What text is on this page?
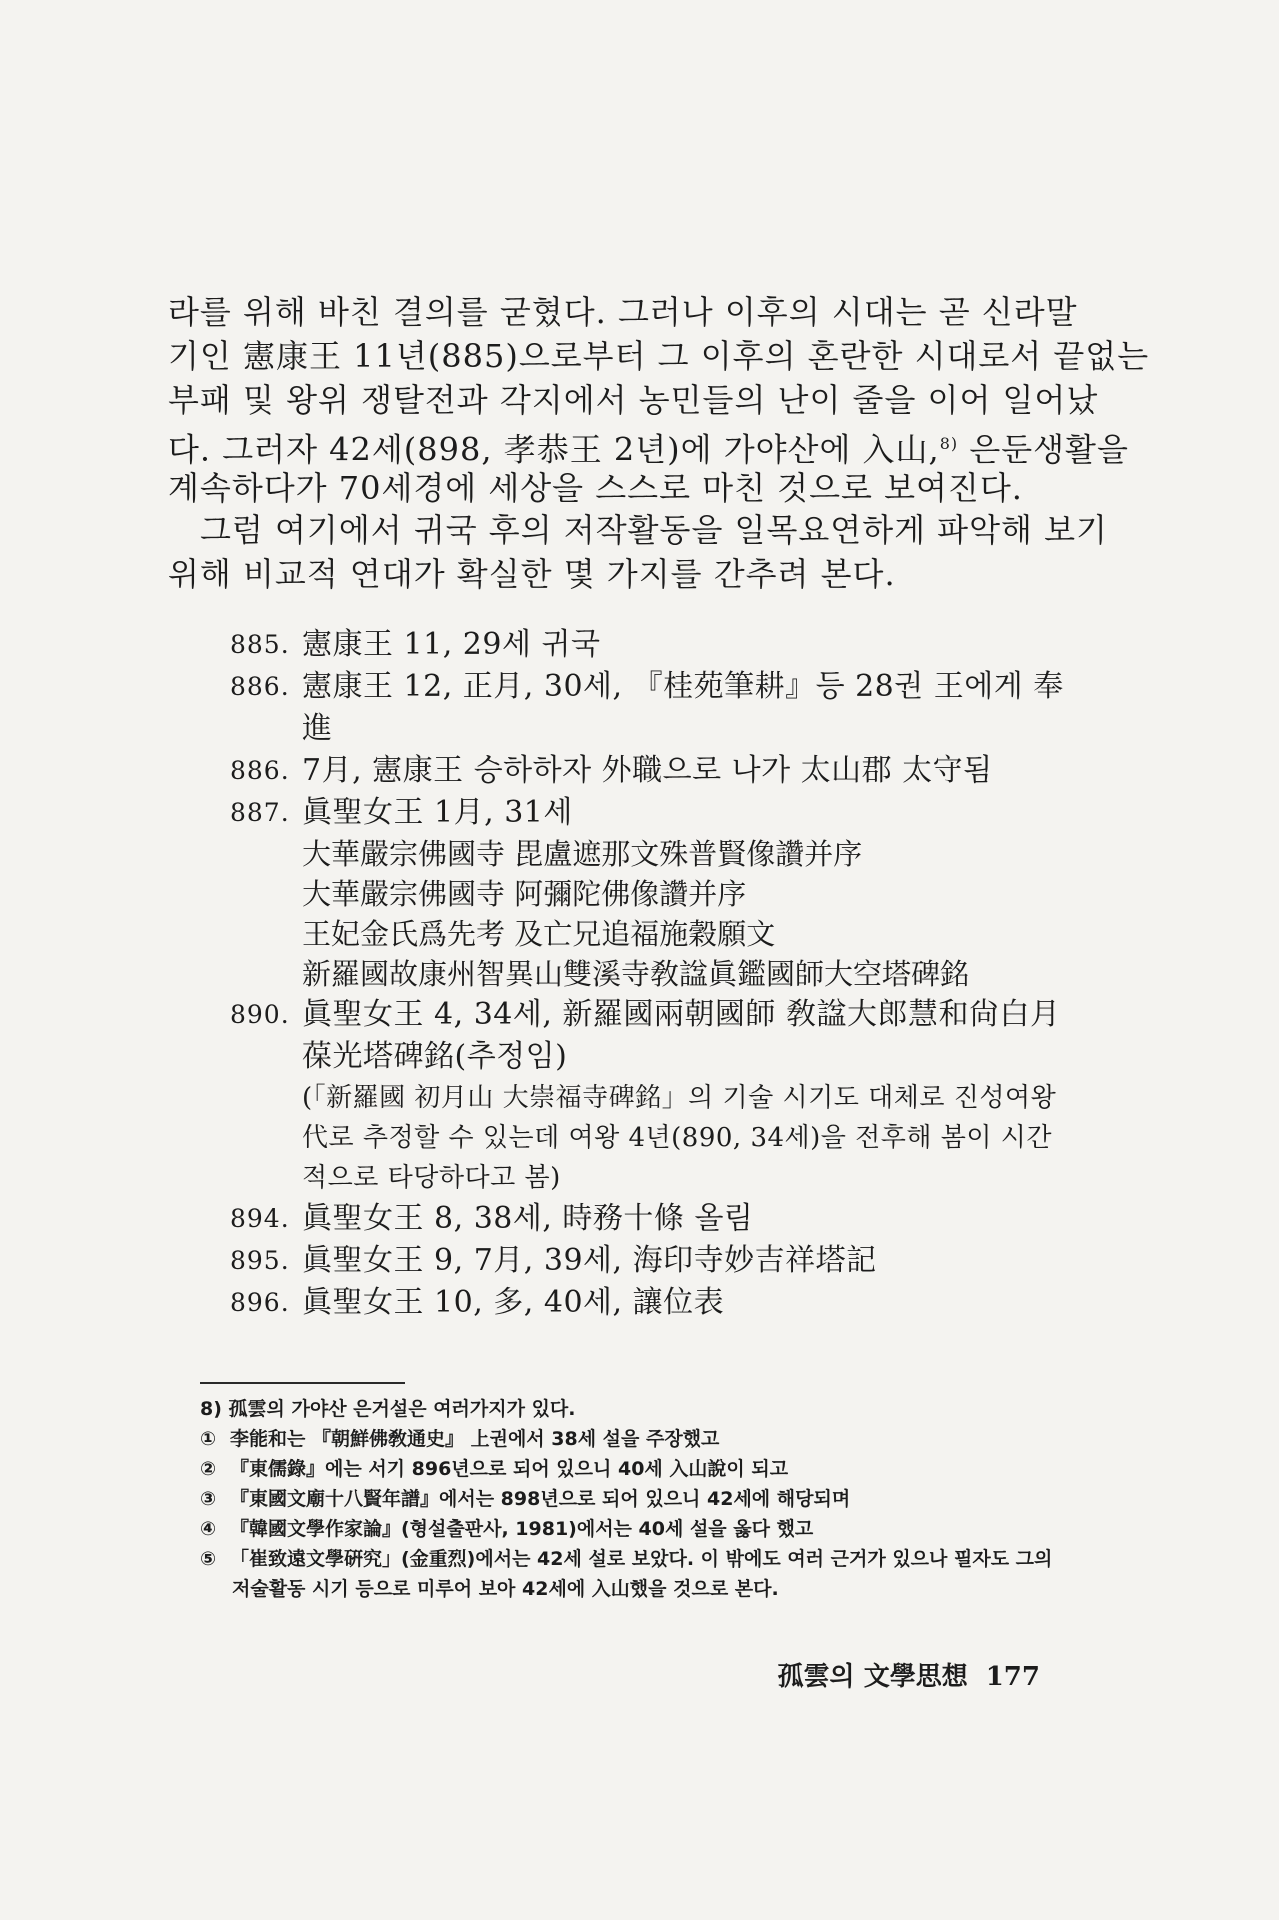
라를 위해 바친 결의를 굳혔다. 그러나 이후의 시대는 곧 신라말
기인 憲康王 11년(885)으로부터 그 이후의 혼란한 시대로서 끝없는
부패 및 왕위 쟁탈전과 각지에서 농민들의 난이 줄을 이어 일어났
다. 그러자 42세(898, 孝恭王 2년)에 가야산에 入山,$^{8)}$ 은둔생활을
계속하다가 70세경에 세상을 스스로 마친 것으로 보여진다.
그럼 여기에서 귀국 후의 저작활동을 일목요연하게 파악해 보기
위해 비교적 연대가 확실한 몇 가지를 간추려 본다.
885. 憲康王 11, 29세 귀국
886. 憲康王 12, 正月, 30세, 『桂苑筆耕』등 28권 王에게 奉進
886. 7月, 憲康王 승하하자 外職으로 나가 太山郡 太守됨
887. 眞聖女王 1月, 31세
大華嚴宗佛國寺 毘盧遮那文殊普賢像讚并序
大華嚴宗佛國寺 阿彌陀佛像讚并序
王妃金氏爲先考 及亡兄追福施穀願文
新羅國故康州智異山雙溪寺敎諡眞鑑國師大空塔碑銘
890. 眞聖女王 4, 34세, 新羅國兩朝國師 敎諡大郎慧和尙白月葆光塔碑銘(추정임)
(「新羅國 初月山 大崇福寺碑銘」의 기술 시기도 대체로 진성여왕代로 추정할 수 있는데 여왕 4년(890, 34세)을 전후해 봄이 시간적으로 타당하다고 봄)
894. 眞聖女王 8, 38세, 時務十條 올림
895. 眞聖女王 9, 7月, 39세, 海印寺妙吉祥塔記
896. 眞聖女王 10, 多, 40세, 讓位表
8) 孤雲의 가야산 은거설은 여러가지가 있다.
① 李能和는 『朝鮮佛敎通史』 上권에서 38세 설을 주장했고
② 『東儒錄』에는 서기 896년으로 되어 있으니 40세 入山說이 되고
③ 『東國文廟十八賢年譜』에서는 898년으로 되어 있으니 42세에 해당되며
④ 『韓國文學作家論』(형설출판사, 1981)에서는 40세 설을 옳다 했고
⑤ 「崔致遠文學硏究」(金重烈)에서는 42세 설로 보았다. 이 밖에도 여러 근거가 있으나 필자도 그의 저술활동 시기 등으로 미루어 보아 42세에 入山했을 것으로 본다.
孤雲의 文學思想 177
